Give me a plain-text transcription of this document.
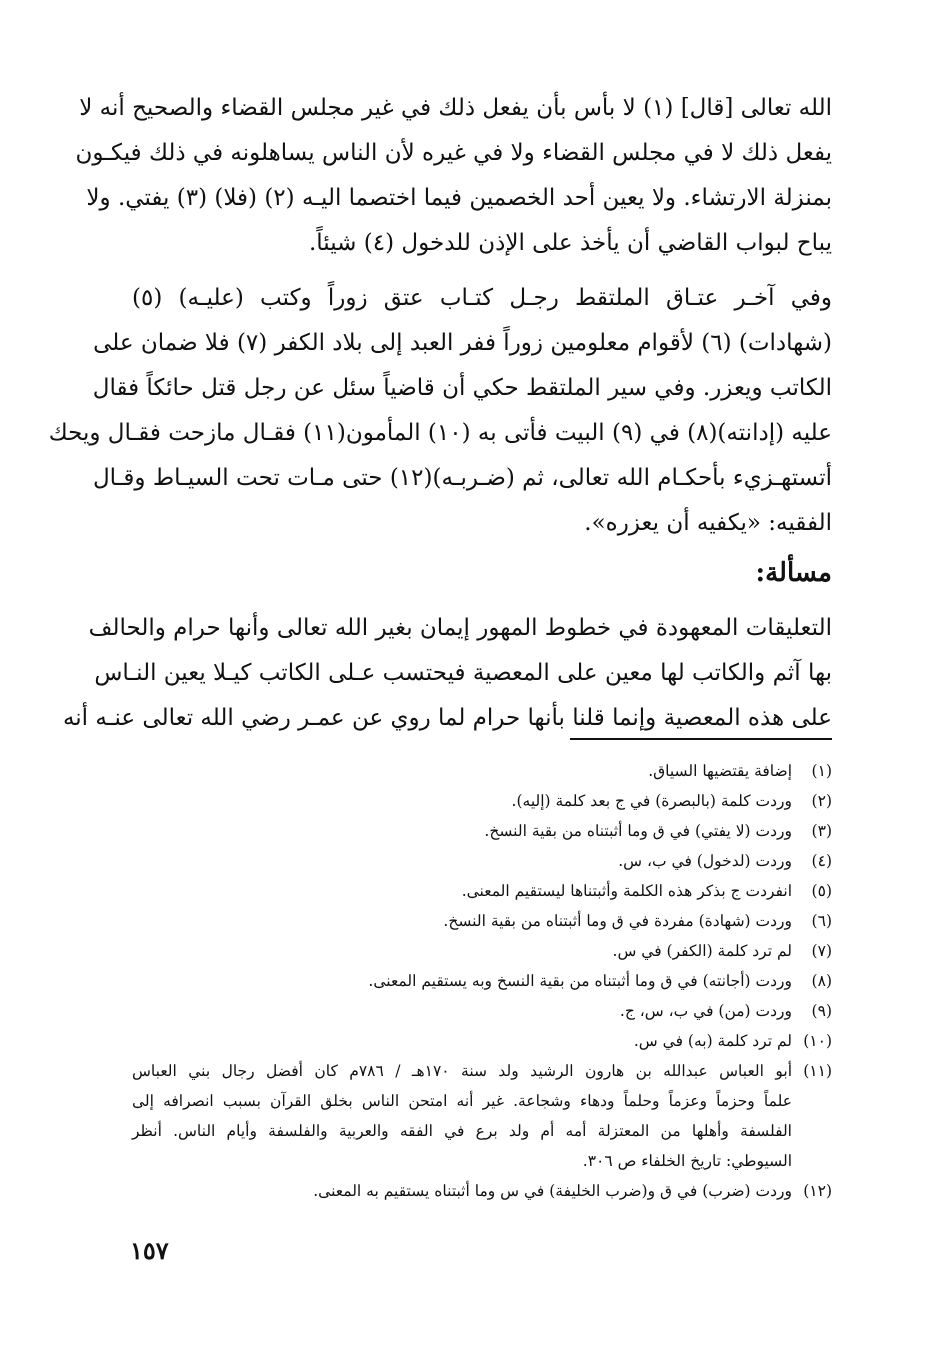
الله تعالى [قال] (١) لا بأس بأن يفعل ذلك في غير مجلس القضاء والصحيح أنه لا
يفعل ذلك لا في مجلس القضاء ولا في غيره لأن الناس يساهلونه في ذلك فيكـون
بمنزلة الارتشاء. ولا يعين أحد الخصمين فيما اختصما اليـه (٢) (فلا) (٣) يفتي. ولا
يباح لبواب القاضي أن يأخذ على الإذن للدخول (٤) شيئاً.
وفي آخـر عتـاق الملتقط رجـل كتـاب عتق زوراً وكتب (عليـه) (٥)
(شهادات) (٦) لأقوام معلومين زوراً ففر العبد إلى بلاد الكفر (٧) فلا ضمان على
الكاتب ويعزر. وفي سير الملتقط حكي أن قاضياً سئل عن رجل قتل حائكاً فقال
عليه (إدانته)(٨) في (٩) البيت فأتى به (١٠) المأمون(١١) فقـال مازحت فقـال ويحك
أتستهـزيء بأحكـام الله تعالى، ثم (ضـربـه)(١٢) حتى مـات تحت السيـاط وقـال
الفقيه: «يكفيه أن يعزره».
مسألة:
التعليقات المعهودة في خطوط المهور إيمان بغير الله تعالى وأنها حرام والحالف
بها آثم والكاتب لها معين على المعصية فيحتسب عـلى الكاتب كيـلا يعين النـاس
على هذه المعصية وإنما قلنا بأنها حرام لما روي عن عمـر رضي الله تعالى عنـه أنه
(١)
إضافة يقتضيها السياق.
(٢)
وردت كلمة (بالبصرة) في ج بعد كلمة (إليه).
(٣)
وردت (لا يفتي) في ق وما أثبتناه من بقية النسخ.
(٤)
وردت (لدخول) في ب، س.
(٥)
انفردت ج بذكر هذه الكلمة وأثبتناها ليستقيم المعنى.
(٦)
وردت (شهادة) مفردة في ق وما أثبتناه من بقية النسخ.
(٧)
لم ترد كلمة (الكفر) في س.
(٨)
وردت (أجانته) في ق وما أثبتناه من بقية النسخ وبه يستقيم المعنى.
(٩)
وردت (من) في ب، س، ج.
(١٠)
لم ترد كلمة (به) في س.
(١١)
أبو العباس عبدالله بن هارون الرشيد ولد سنة ١٧٠هـ / ٧٨٦م كان أفضل رجال بني العباس
علماً وحزماً وعزماً وحلماً ودهاء وشجاعة. غير أنه امتحن الناس بخلق القرآن بسبب انصرافه إلى
الفلسفة وأهلها من المعتزلة أمه أم ولد برع في الفقه والعربية والفلسفة وأيام الناس. أنظر
السيوطي: تاريخ الخلفاء ص ٣٠٦.
(١٢)
وردت (ضرب) في ق و(ضرب الخليفة) في س وما أثبتناه يستقيم به المعنى.
١٥٧
